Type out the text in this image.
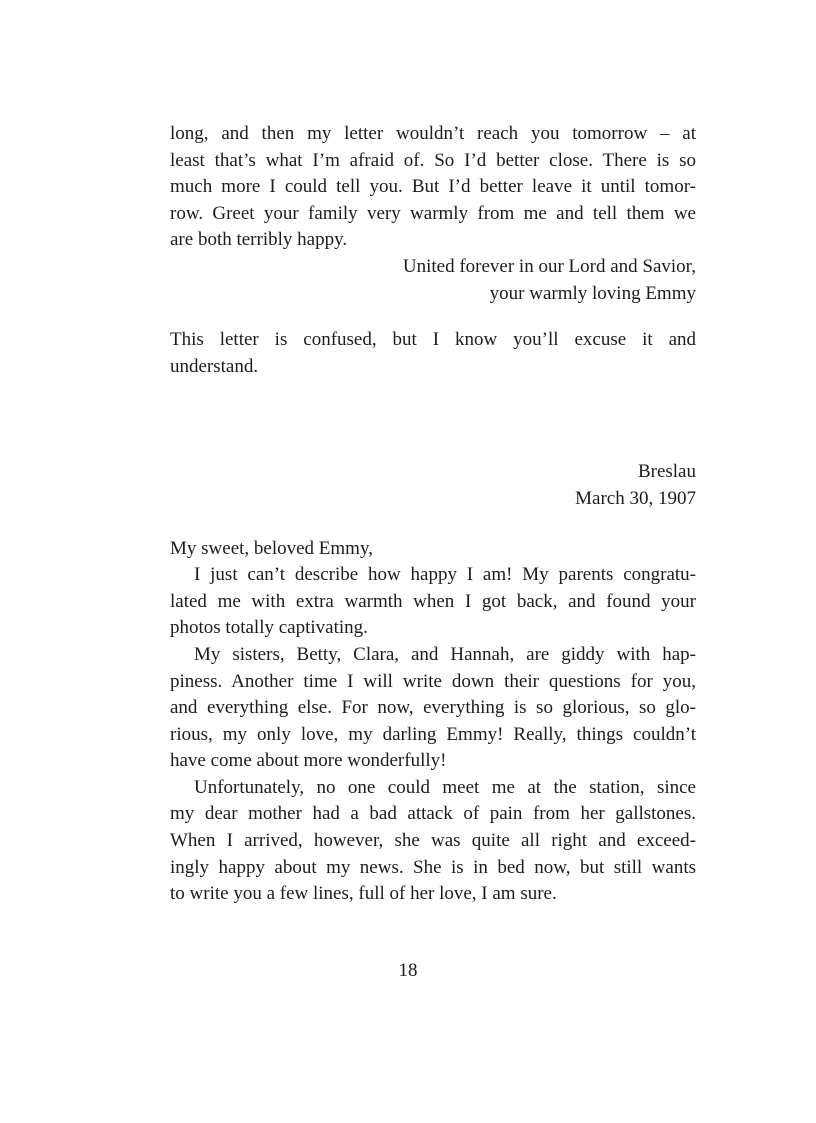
long, and then my letter wouldn’t reach you tomorrow – at
least that’s what I’m afraid of. So I’d better close. There is so
much more I could tell you. But I’d better leave it until tomor-
row. Greet your family very warmly from me and tell them we
are both terribly happy.
United forever in our Lord and Savior,
your warmly loving Emmy
This letter is confused, but I know you’ll excuse it and
understand.
Breslau
March 30, 1907
My sweet, beloved Emmy,
I just can’t describe how happy I am! My parents congratu-
lated me with extra warmth when I got back, and found your
photos totally captivating.
My sisters, Betty, Clara, and Hannah, are giddy with hap-
piness. Another time I will write down their questions for you,
and everything else. For now, everything is so glorious, so glo-
rious, my only love, my darling Emmy! Really, things couldn’t
have come about more wonderfully!
Unfortunately, no one could meet me at the station, since
my dear mother had a bad attack of pain from her gallstones.
When I arrived, however, she was quite all right and exceed-
ingly happy about my news. She is in bed now, but still wants
to write you a few lines, full of her love, I am sure.
18
